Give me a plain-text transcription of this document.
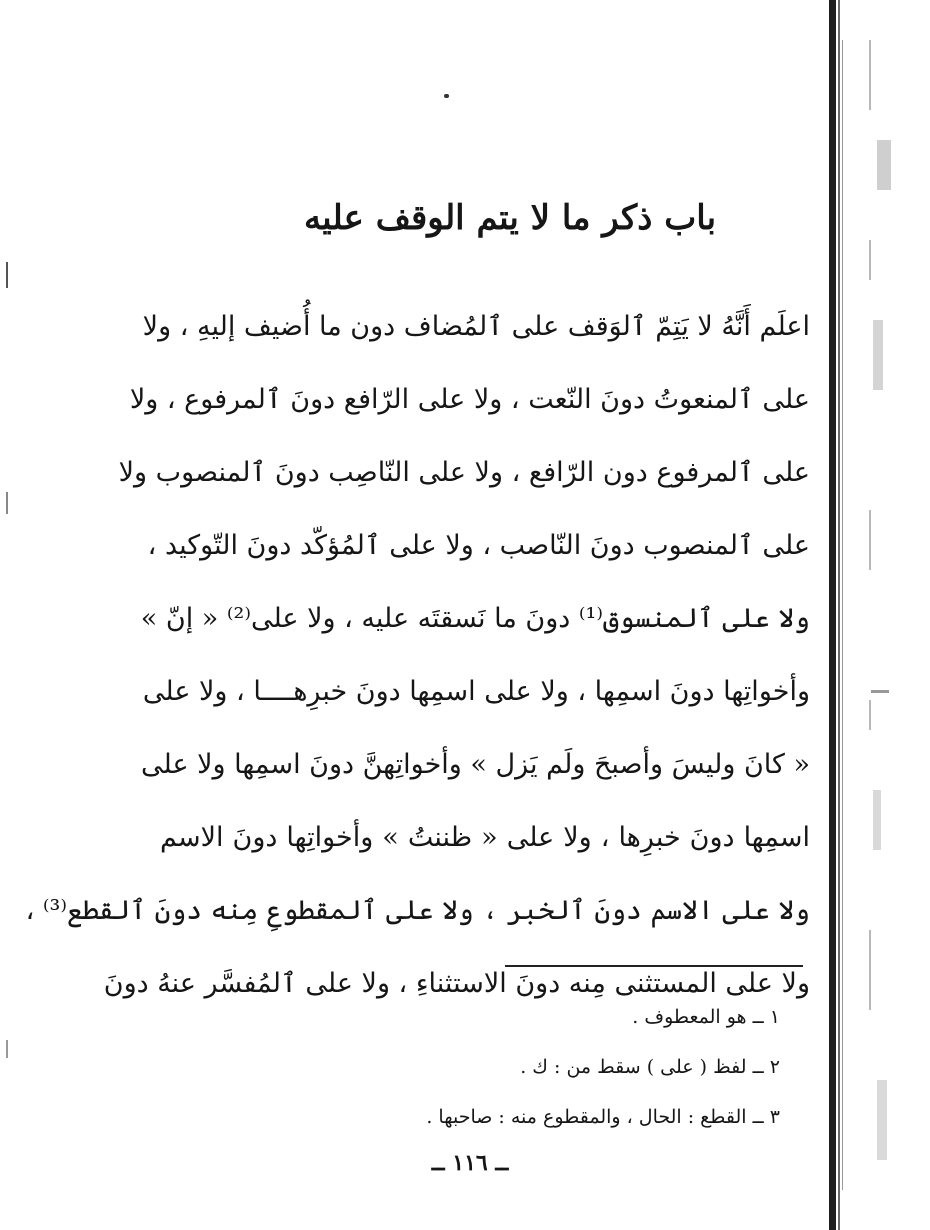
باب ذكر ما لا يتم الوقف عليه
اعلَم أَنَّهُ لا يَتِمّ ٱلوَقف على ٱلمُضاف دون ما أُضيف إليهِ ، ولا
على ٱلمنعوتُ دونَ النّعت ، ولا على الرّافع دونَ ٱلمرفوع ، ولا
على ٱلمرفوع دون الرّافع ، ولا على النّاصِب دونَ ٱلمنصوب ولا
على ٱلمنصوب دونَ النّاصب ، ولا على ٱلمُؤكّد دونَ التّوكيد ،
ولا على ٱلمنسوق⁽¹⁾ دونَ ما نَسقتَه عليه ، ولا على⁽²⁾ « إنّ »
وأخواتِها دونَ اسمِها ، ولا على اسمِها دونَ خبرِهــــا ، ولا على
« كانَ وليسَ وأصبحَ ولَم يَزل » وأخواتِهنَّ دونَ اسمِها ولا على
اسمِها دونَ خبرِها ، ولا على « ظننتُ » وأخواتِها دونَ الاسم
ولا على الاسم دونَ ٱلخبر ، ولا على ٱلمقطوعِ مِنه دونَ ٱلقطع⁽³⁾ ،
ولا على المستثنى مِنه دونَ الاستثناءِ ، ولا على ٱلمُفسَّر عنهُ دونَ
١ ــ هو المعطوف .
٢ ــ لفظ ( على ) سقط من : ك .
٣ ــ القطع : الحال ، والمقطوع منه : صاحبها .
ــ ١١٦ ــ
